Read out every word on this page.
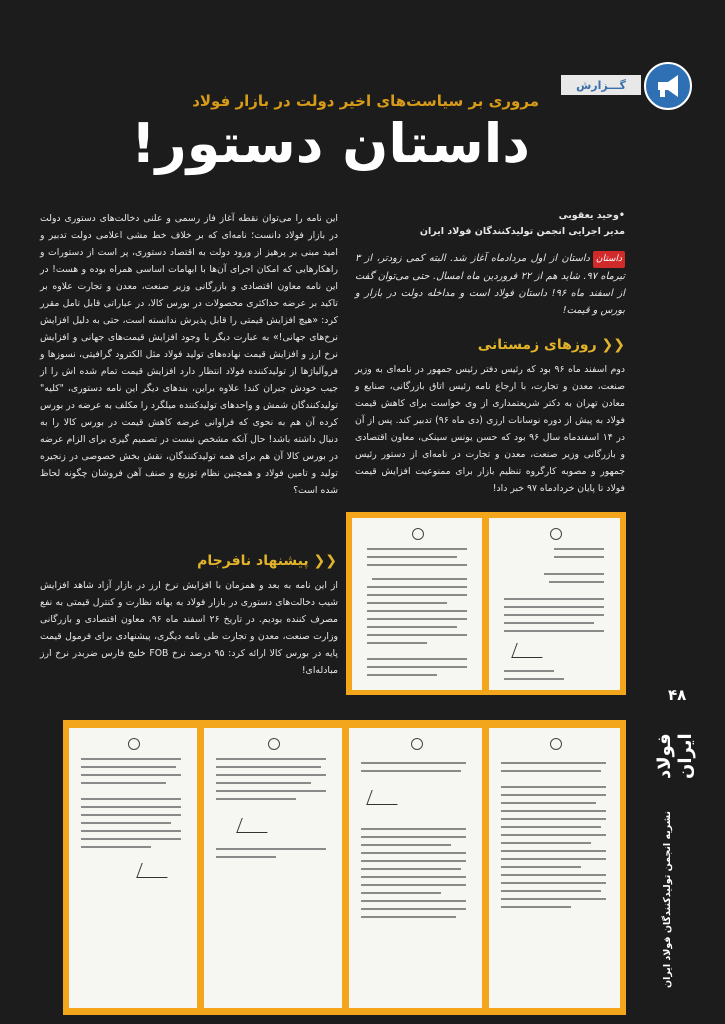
گـــزارش
مروری بر سیاست‌های اخیر دولت در بازار فولاد
داستان دستور!
•وحید یعقوبی
مدیر اجرایی انجمن تولیدکنندگان فولاد ایران
داستانداستان از اول مردادماه آغاز شد. البته کمی زودتر، از ۳ تیرماه ۹۷. شاید هم از ۲۲ فروردین ماه امسال. حتی می‌توان گفت از اسفند ماه ۹۶! داستان فولاد است و مداخله دولت در بازار و بورس و قیمت!
❮❮ روزهای زمستانی
دوم اسفند ماه ۹۶ بود که رئیس دفتر رئیس جمهور در نامه‌ای به وزیر صنعت، معدن و تجارت، با ارجاع نامه رئیس اتاق بازرگانی، صنایع و معادن تهران به دکتر شریعتمداری از وی خواست برای کاهش قیمت فولاد به پیش از دوره نوسانات ارزی (دی ماه ۹۶) تدبیر کند. پس از آن در ۱۴ اسفندماه سال ۹۶ بود که حسن یونس سینکی، معاون اقتصادی و بازرگانی وزیر صنعت، معدن و تجارت در نامه‌ای از دستور رئیس جمهور و مصوبه کارگروه تنظیم بازار برای ممنوعیت افزایش قیمت فولاد تا پایان خردادماه ۹۷ خبر داد!
این نامه را می‌توان نقطه آغاز فاز رسمی و علنی دخالت‌های دستوری دولت در بازار فولاد دانست؛ نامه‌ای که بر خلاف خط مشی اعلامی دولت تدبیر و امید مبنی بر پرهیز از ورود دولت به اقتصاد دستوری، پر است از دستورات و راهکارهایی که امکان اجرای آن‌ها با ابهامات اساسی همراه بوده و هست! در این نامه معاون اقتصادی و بازرگانی وزیر صنعت، معدن و تجارت علاوه بر تاکید بر عرضه حداکثری محصولات در بورس کالا، در عباراتی قابل تامل مقرر کرد: «هیچ افزایش قیمتی را قابل پذیرش ندانسته است، حتی به دلیل افزایش نرخ‌های جهانی!» به عبارت دیگر با وجود افزایش قیمت‌های جهانی و افزایش نرخ ارز و افزایش قیمت نهاده‌های تولید فولاد مثل الکترود گرافیتی، نسوزها و فروآلیاژها از تولیدکننده فولاد انتظار دارد افزایش قیمت تمام شده اش را از جیب خودش جبران کند! علاوه براین، بندهای دیگر این نامه دستوری، "کلیه" تولیدکنندگان شمش و واحدهای تولیدکننده میلگرد را مکلف به عرضه در بورس کرده آن هم به نحوی که فراوانی عرضه کاهش قیمت در بورس کالا را به دنبال داشته باشد! حال آنکه مشخص نیست در تصمیم گیری برای الزام عرضه در بورس کالا آن هم برای همه تولیدکنندگان، نقش بخش خصوصی در زنجیره تولید و تامین فولاد و همچنین نظام توزیع و صنف آهن فروشان چگونه لحاظ شده است؟
❮❮ پیشنهاد نافرجام
از این نامه به بعد و همزمان با افزایش نرخ ارز در بازار آزاد شاهد افزایش شیب دخالت‌های دستوری در بازار فولاد به بهانه نظارت و کنترل قیمتی به نفع مصرف کننده بودیم. در تاریخ ۲۶ اسفند ماه ۹۶، معاون اقتصادی و بازرگانی وزارت صنعت، معدن و تجارت طی نامه دیگری، پیشنهادی برای فرمول قیمت پایه در بورس کالا ارائه کرد: ۹۵ درصد نرخ FOB خلیج فارس ضربدر نرخ ارز مبادله‌ای!
۴۸
فولاد ایران
نشریه انجمن تولیدکنندگان فولاد ایران
